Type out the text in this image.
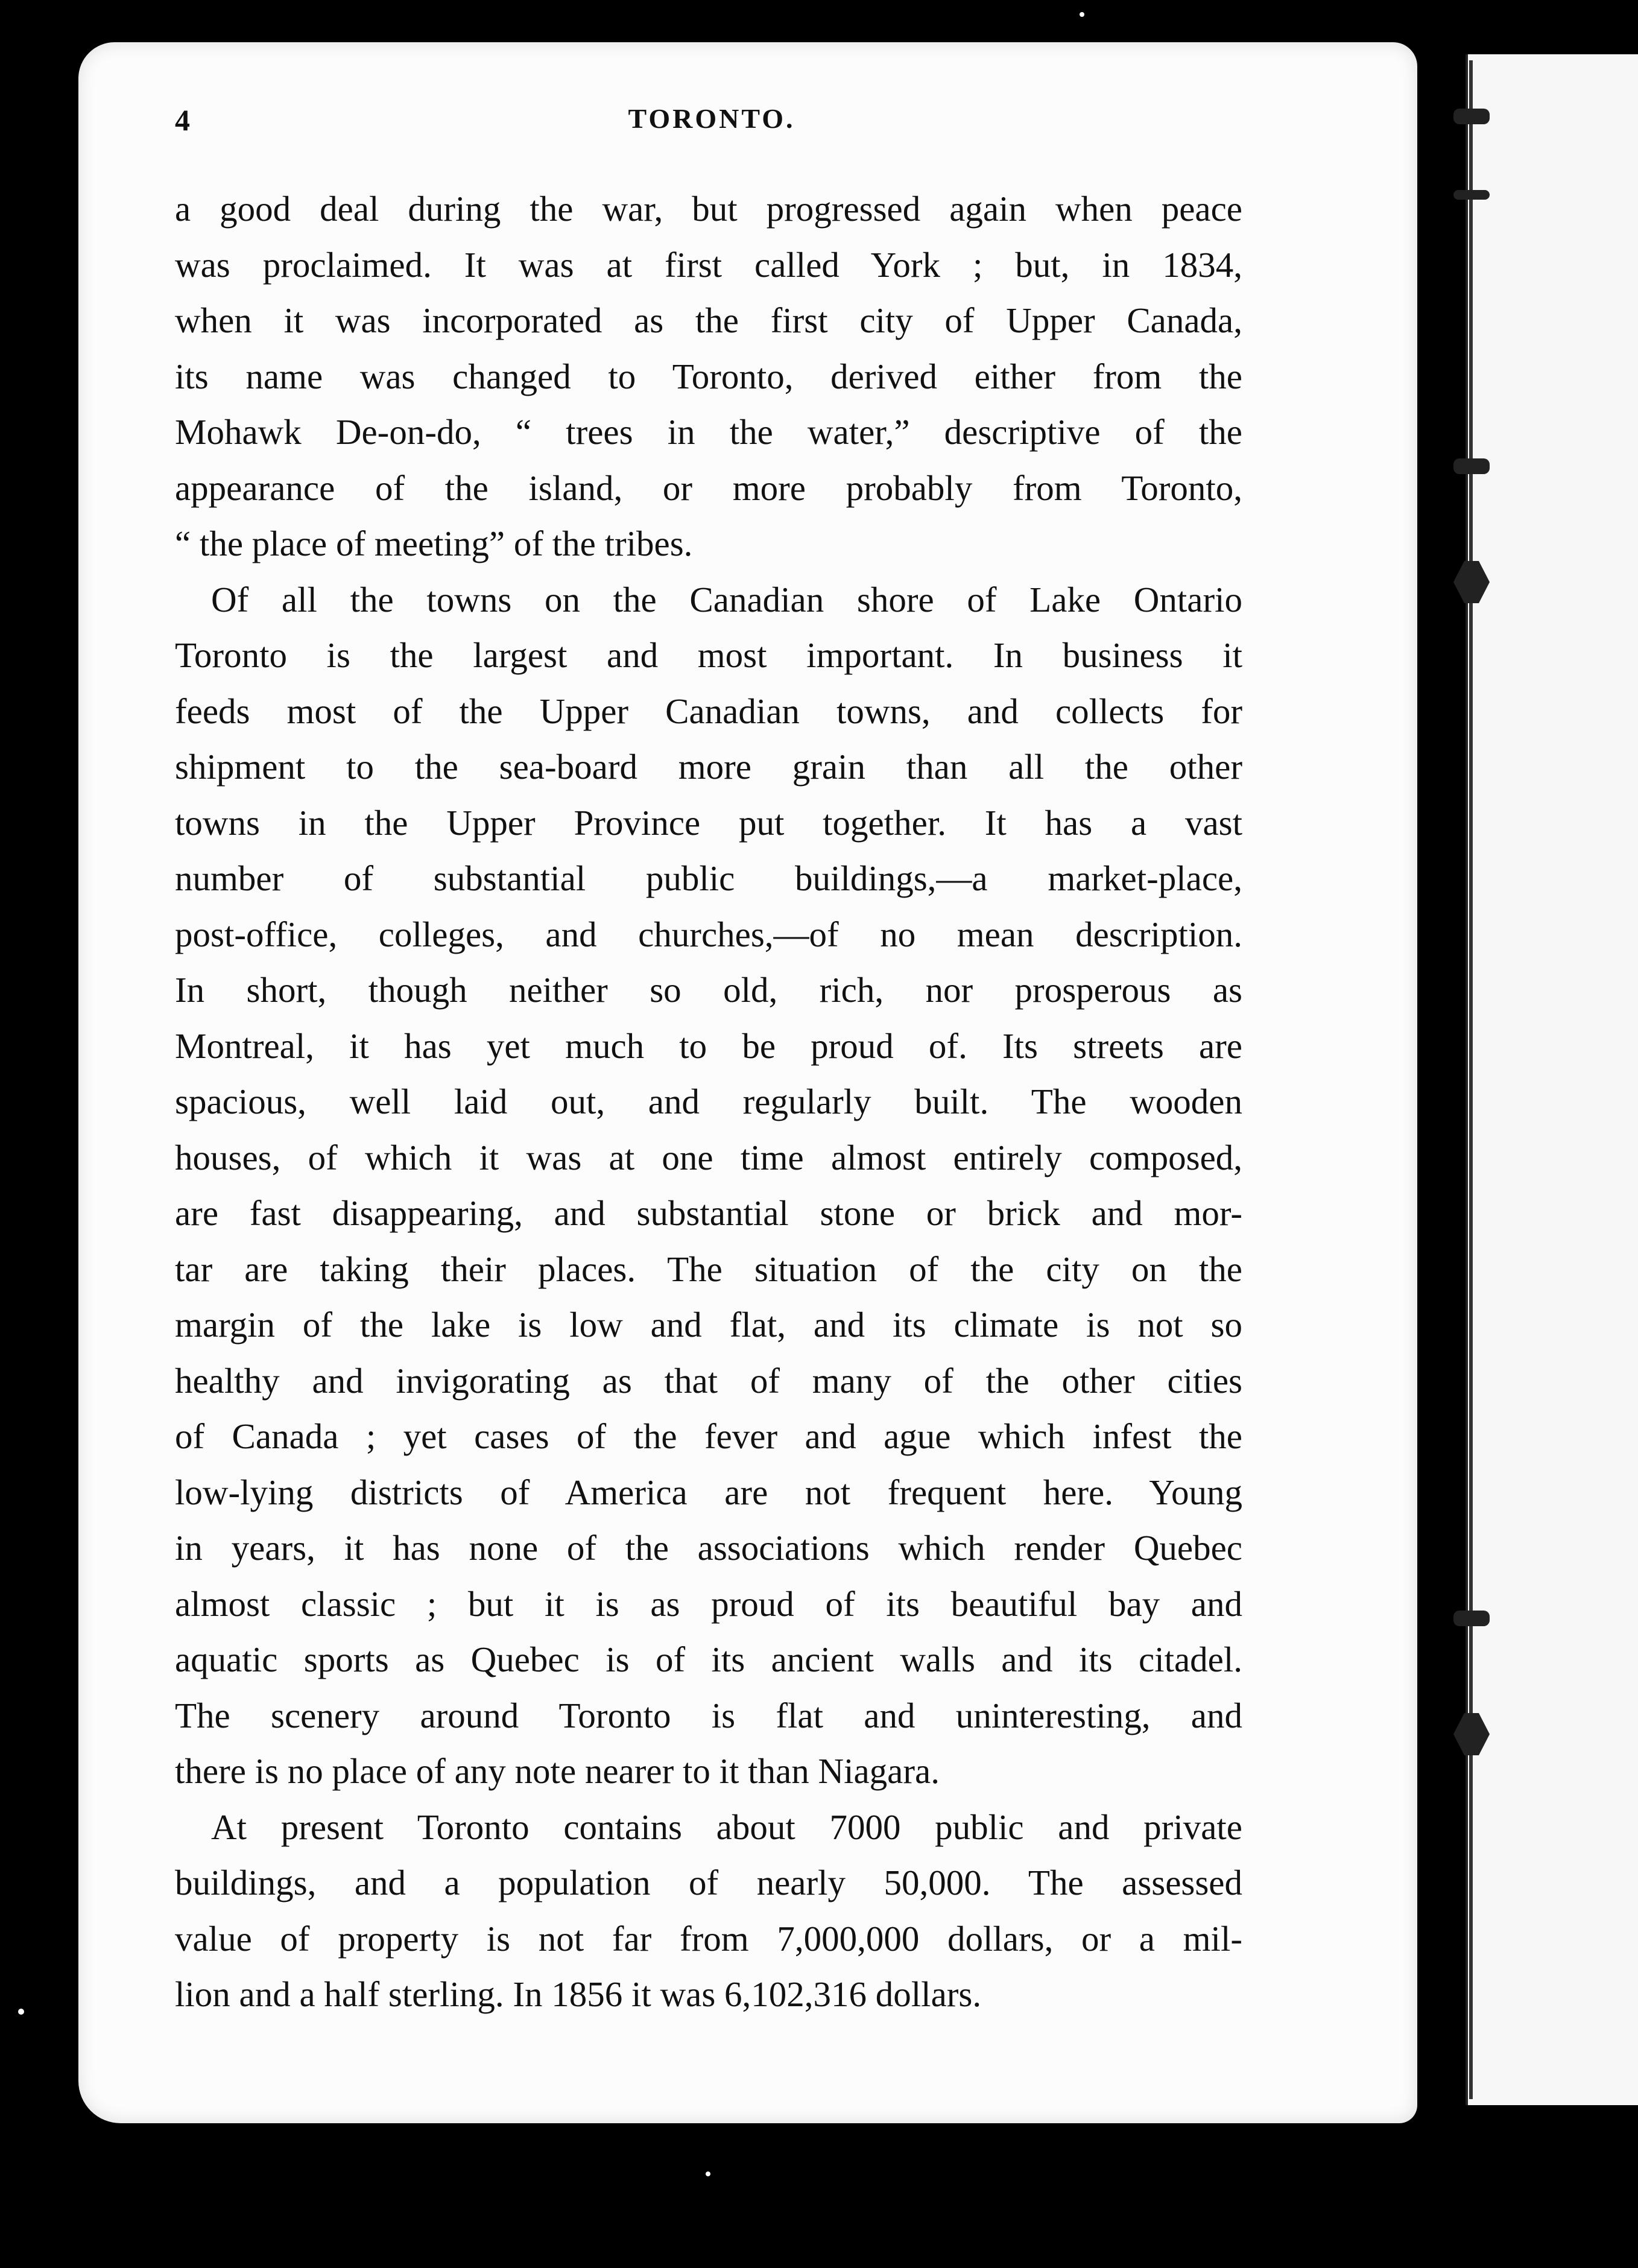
4	TORONTO.
a good deal during the war, but progressed again when peace
was proclaimed. It was at first called York ; but, in 1834,
when it was incorporated as the first city of Upper Canada,
its name was changed to Toronto, derived either from the
Mohawk De-on-do, “ trees in the water,” descriptive of the
appearance of the island, or more probably from Toronto,
“ the place of meeting” of the tribes.
Of all the towns on the Canadian shore of Lake Ontario
Toronto is the largest and most important. In business it
feeds most of the Upper Canadian towns, and collects for
shipment to the sea-board more grain than all the other
towns in the Upper Province put together. It has a vast
number of substantial public buildings,—a market-place,
post-office, colleges, and churches,—of no mean description.
In short, though neither so old, rich, nor prosperous as
Montreal, it has yet much to be proud of. Its streets are
spacious, well laid out, and regularly built. The wooden
houses, of which it was at one time almost entirely composed,
are fast disappearing, and substantial stone or brick and mor-
tar are taking their places. The situation of the city on the
margin of the lake is low and flat, and its climate is not so
healthy and invigorating as that of many of the other cities
of Canada ; yet cases of the fever and ague which infest the
low-lying districts of America are not frequent here. Young
in years, it has none of the associations which render Quebec
almost classic ; but it is as proud of its beautiful bay and
aquatic sports as Quebec is of its ancient walls and its citadel.
The scenery around Toronto is flat and uninteresting, and
there is no place of any note nearer to it than Niagara.
At present Toronto contains about 7000 public and private
buildings, and a population of nearly 50,000. The assessed
value of property is not far from 7,000,000 dollars, or a mil-
lion and a half sterling. In 1856 it was 6,102,316 dollars.
